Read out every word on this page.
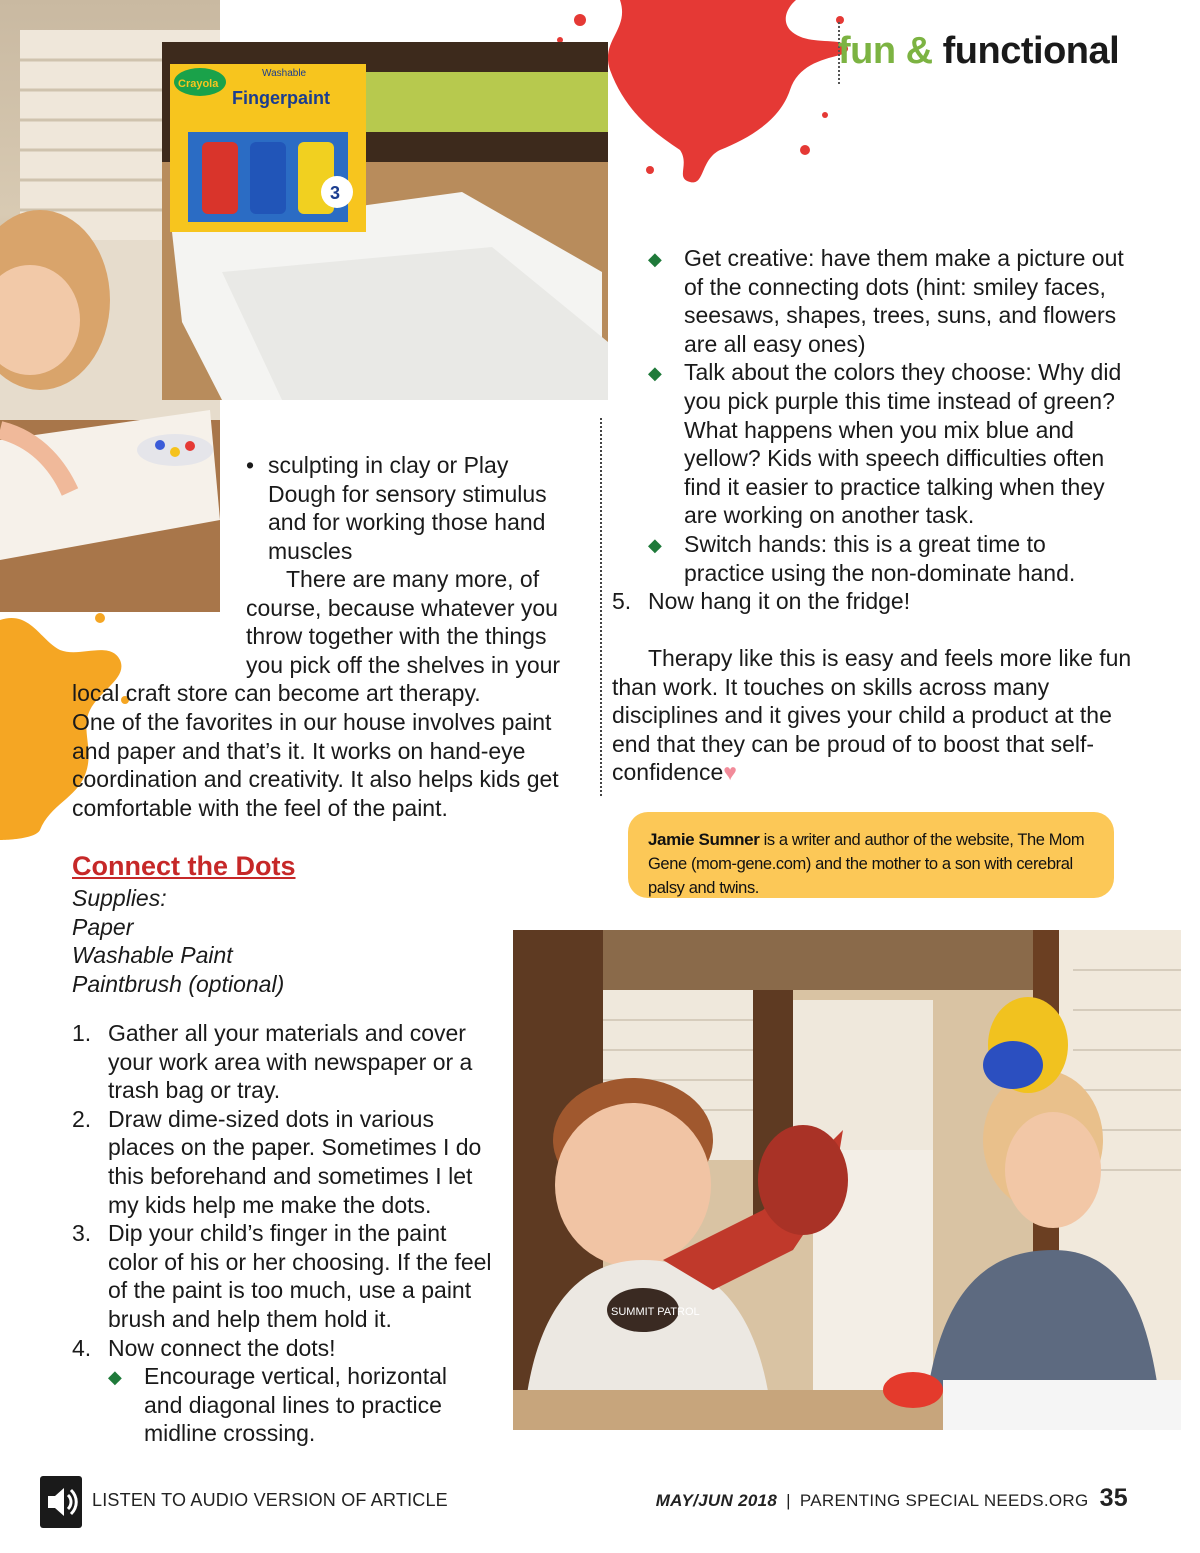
fun & functional
Crayola
Washable
Fingerpaint
3
• sculpting in clay or Play Dough for sensory stimulus and for working those hand muscles
There are many more, of course, because whatever you throw together with the things you pick off the shelves in your
local craft store can become art therapy.
One of the favorites in our house involves paint and paper and that’s it. It works on hand-eye coordination and creativity. It also helps kids get comfortable with the feel of the paint.
Connect the Dots
Supplies:
Paper
Washable Paint
Paintbrush (optional)
1. Gather all your materials and cover your work area with newspaper or a trash bag or tray.
2. Draw dime-sized dots in various places on the paper. Sometimes I do this beforehand and sometimes I let my kids help me make the dots.
3. Dip your child’s finger in the paint color of his or her choosing. If the feel of the paint is too much, use a paint brush and help them hold it.
4. Now connect the dots!
◆ Encourage vertical, horizontal and diagonal lines to practice midline crossing.
◆ Get creative: have them make a picture out of the connecting dots (hint: smiley faces, seesaws, shapes, trees, suns, and flowers are all easy ones)
◆ Talk about the colors they choose: Why did you pick purple this time instead of green? What happens when you mix blue and yellow? Kids with speech difficulties often find it easier to practice talking when they are working on another task.
◆ Switch hands: this is a great time to practice using the non-dominate hand.
5. Now hang it on the fridge!
Therapy like this is easy and feels more like fun than work. It touches on skills across many disciplines and it gives your child a product at the end that they can be proud of to boost that self-confidence♥
Jamie Sumner is a writer and author of the website, The Mom Gene (mom-gene.com) and the mother to a son with cerebral palsy and twins.
SUMMIT PATROL
LISTEN TO AUDIO VERSION OF ARTICLE	MAY/JUN 2018 | PARENTING SPECIAL NEEDS.ORG 35
